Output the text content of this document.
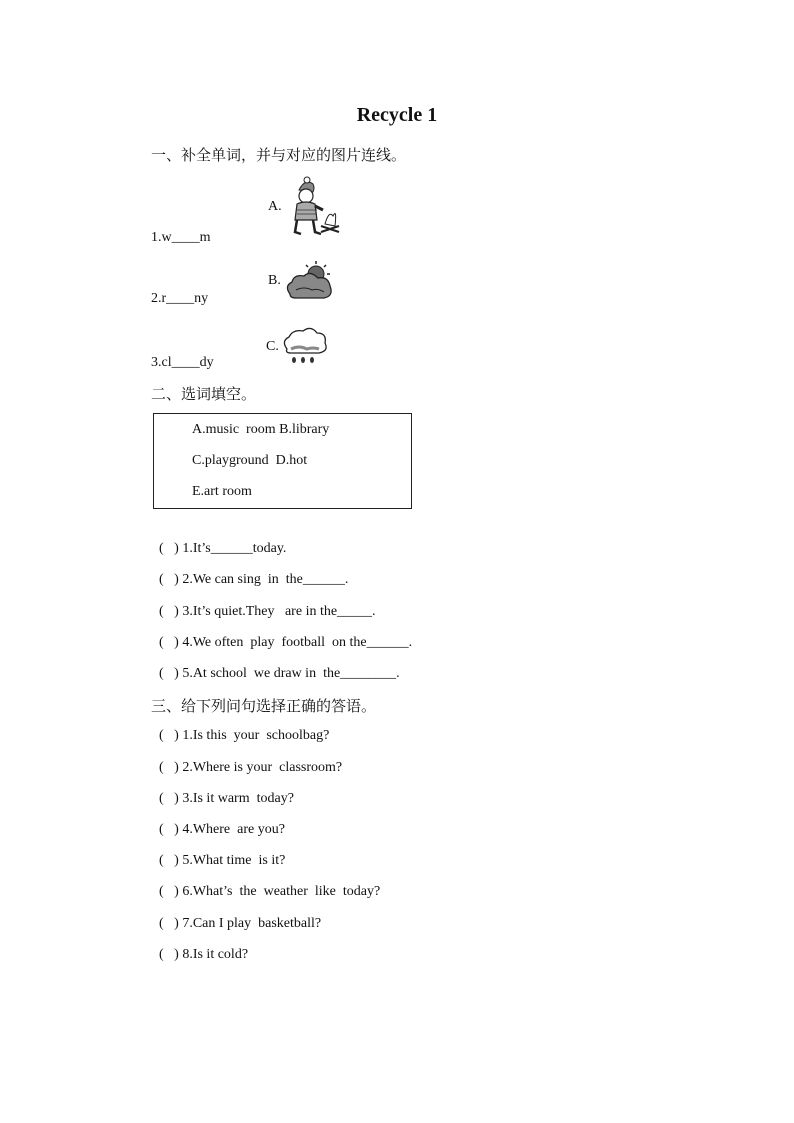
Recycle 1
一、补全单词，并与对应的图片连线。
A.
B.
C.
1.w____m
2.r____ny
3.cl____dy
二、选词填空。
A.music  room B.library
C.playground  D.hot
E.art room
(   ) 1.It’s______today.
(   ) 2.We can sing  in  the______.
(   ) 3.It’s quiet.They   are in the_____.
(   ) 4.We often  play  football  on the______.
(   ) 5.At school  we draw in  the________.
三、给下列问句选择正确的答语。
(   ) 1.Is this  your  schoolbag?
(   ) 2.Where is your  classroom?
(   ) 3.Is it warm  today?
(   ) 4.Where  are you?
(   ) 5.What time  is it?
(   ) 6.What’s  the  weather  like  today?
(   ) 7.Can I play  basketball?
(   ) 8.Is it cold?
